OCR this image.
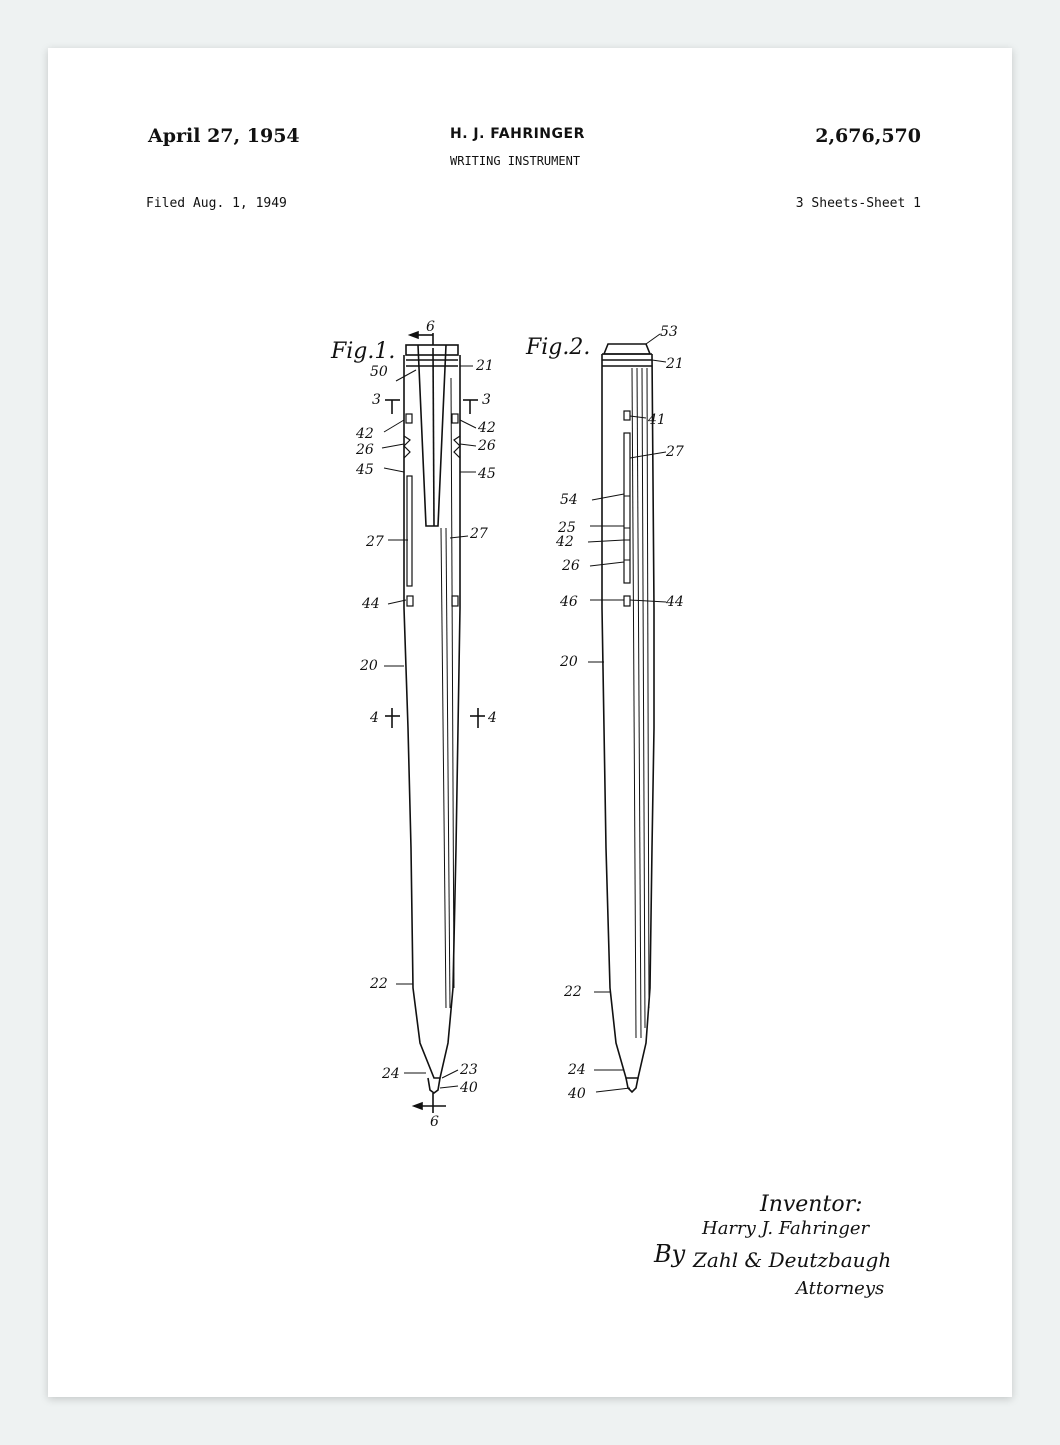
April 27, 1954	H. J. FAHRINGER
WRITING INSTRUMENT
2,676,570
Filed Aug. 1, 1949	3 Sheets-Sheet 1
Fig.1.
6
50	21
3	3
42	42
26	26
45	45
27	27
44
20
4	4
22
24	23
40
6
Fig.2.
53
21
41
27
54
25
42
26
46	44
20
22
24
40
Inventor:
Harry J. Fahringer
By Zahl & Deutzbaugh
Attorneys
